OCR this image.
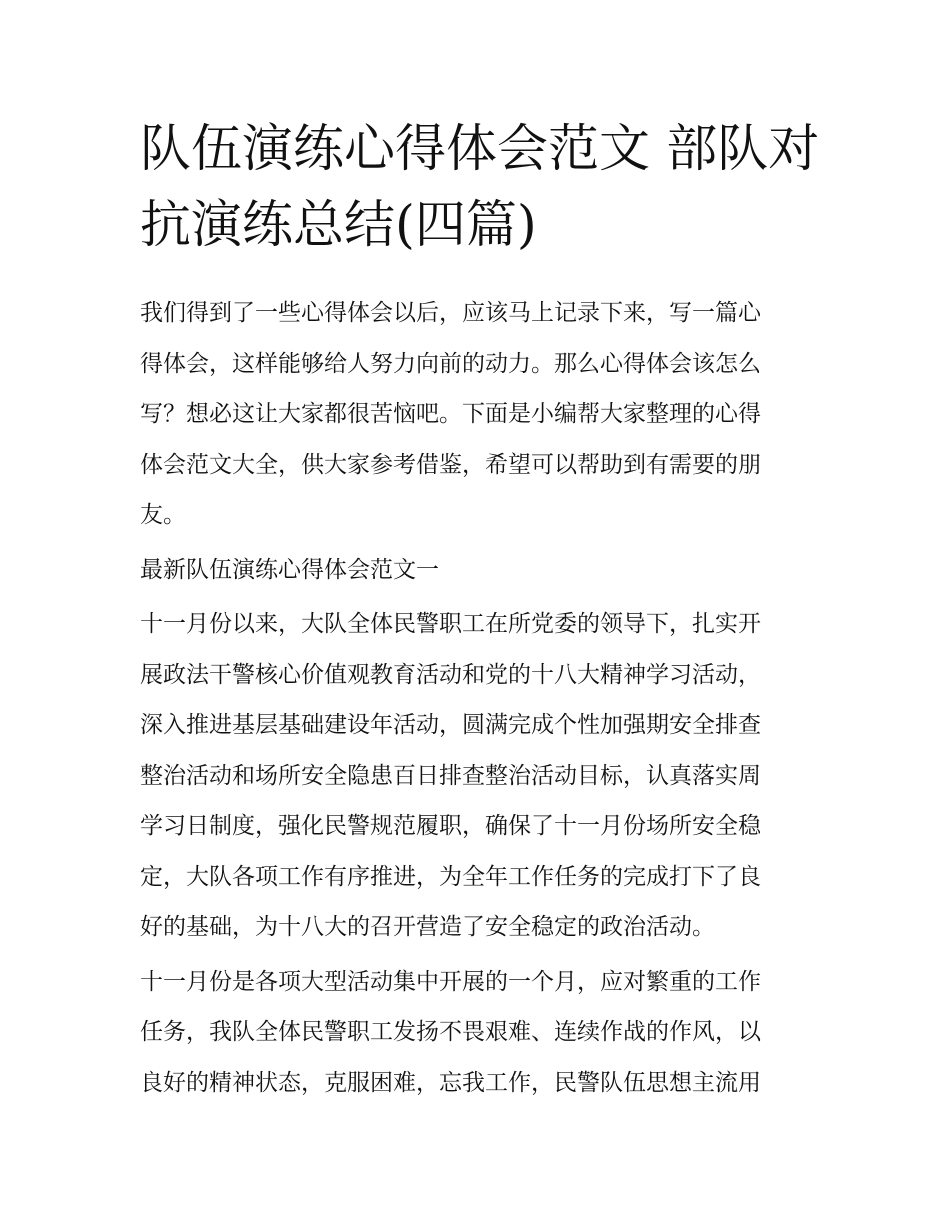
队伍演练心得体会范文 部队对
抗演练总结(四篇)

我们得到了一些心得体会以后，应该马上记录下来，写一篇心
得体会，这样能够给人努力向前的动力。那么心得体会该怎么
写？想必这让大家都很苦恼吧。下面是小编帮大家整理的心得
体会范文大全，供大家参考借鉴，希望可以帮助到有需要的朋
友。

最新队伍演练心得体会范文一

十一月份以来，大队全体民警职工在所党委的领导下，扎实开
展政法干警核心价值观教育活动和党的十八大精神学习活动，
深入推进基层基础建设年活动，圆满完成个性加强期安全排查
整治活动和场所安全隐患百日排查整治活动目标，认真落实周
学习日制度，强化民警规范履职，确保了十一月份场所安全稳
定，大队各项工作有序推进，为全年工作任务的完成打下了良
好的基础，为十八大的召开营造了安全稳定的政治活动。

十一月份是各项大型活动集中开展的一个月，应对繁重的工作
任务，我队全体民警职工发扬不畏艰难、连续作战的作风，以
良好的精神状态，克服困难，忘我工作，民警队伍思想主流用
